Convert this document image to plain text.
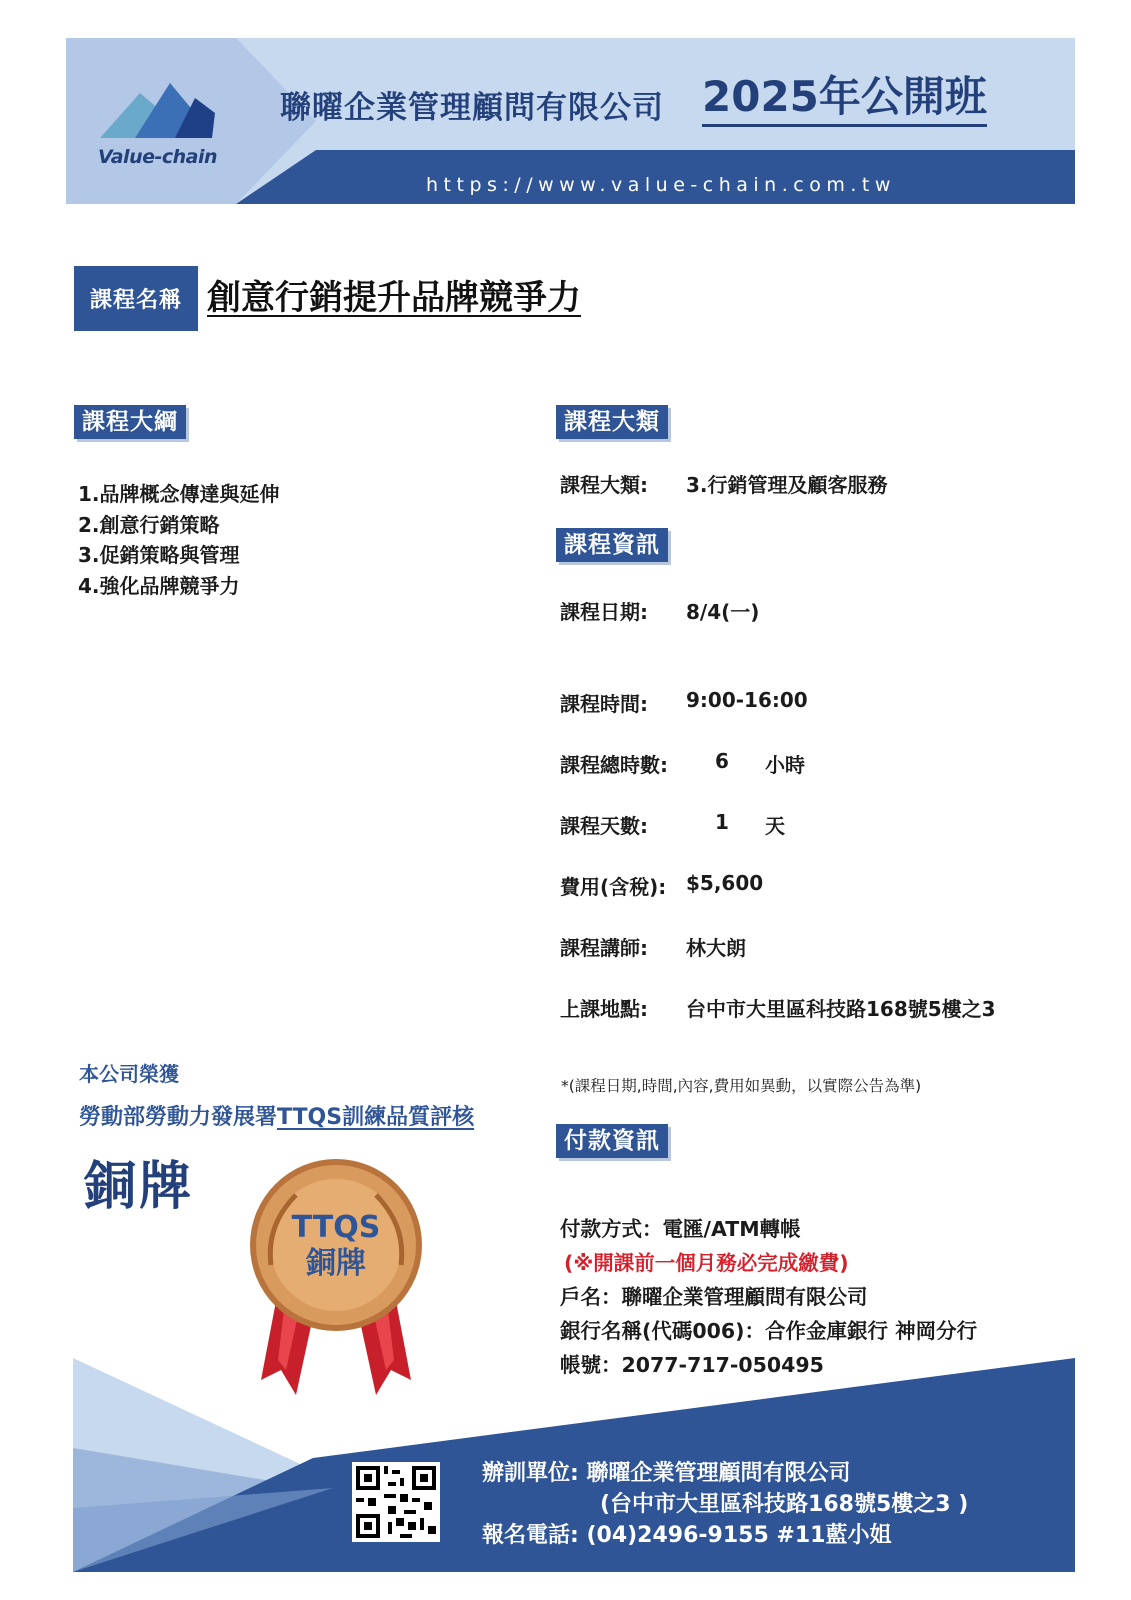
Value-chain
聯曜企業管理顧問有限公司 2025年公開班
https://www.value-chain.com.tw
課程名稱 創意行銷提升品牌競爭力
課程大綱
1.品牌概念傳達與延伸
2.創意行銷策略
3.促銷策略與管理
4.強化品牌競爭力
課程大類
課程大類: 3.行銷管理及顧客服務
課程資訊
課程日期: 8/4(一)
課程時間: 9:00-16:00
課程總時數: 6 小時
課程天數:	1 天
費用(含稅): $5,600
課程講師: 林大朗
上課地點: 台中市大里區科技路168號5樓之3
*(課程日期,時間,內容,費用如異動，以實際公告為準)
本公司榮獲
勞動部勞動力發展署TTQS訓練品質評核
銅牌
TTQS
銅牌
付款資訊
付款方式：電匯/ATM轉帳
(※開課前一個月務必完成繳費)
戶名：聯曜企業管理顧問有限公司
銀行名稱(代碼006)：合作金庫銀行 神岡分行
帳號：2077-717-050495
辦訓單位: 聯曜企業管理顧問有限公司
(台中市大里區科技路168號5樓之3 )
報名電話: (04)2496-9155 #11藍小姐
